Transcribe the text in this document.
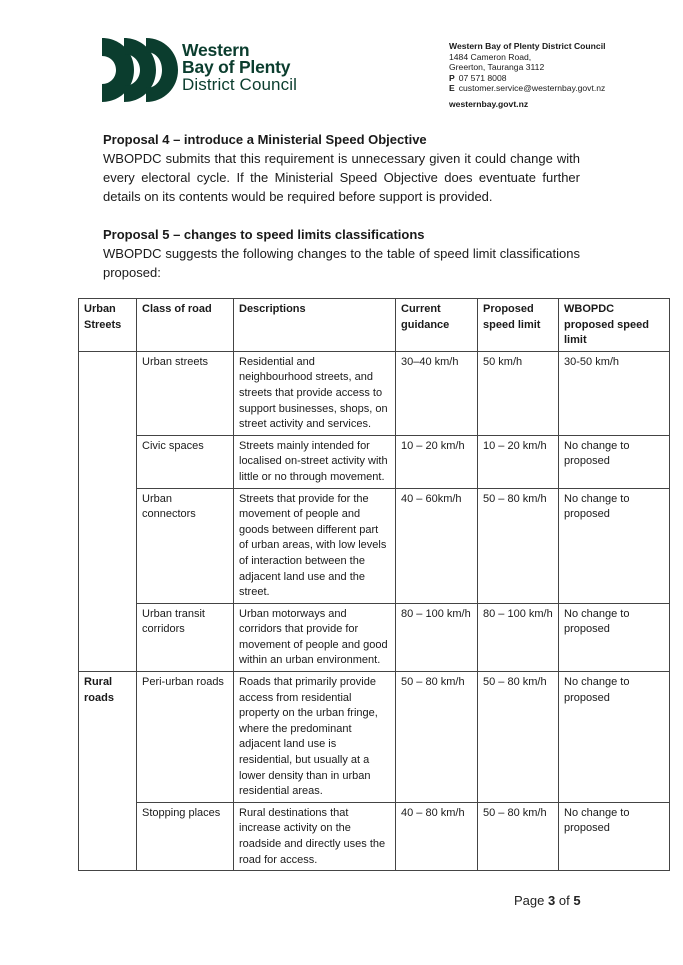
Western
Bay of Plenty
District Council
Western Bay of Plenty District Council
1484 Cameron Road,
Greerton, Tauranga 3112
P 07 571 8008
E customer.service@westernbay.govt.nz
westernbay.govt.nz

Proposal 4 – introduce a Ministerial Speed Objective

WBOPDC submits that this requirement is unnecessary given it could change with every electoral cycle. If the Ministerial Speed Objective does eventuate further details on its contents would be required before support is provided.

Proposal 5 – changes to speed limits classifications

WBOPDC suggests the following changes to the table of speed limit classifications proposed:

Urban Streets	Class of road	Descriptions	Current guidance	Proposed speed limit	WBOPDC proposed speed limit
	Urban streets	Residential and neighbourhood streets, and streets that provide access to support businesses, shops, on street activity and services.	30–40 km/h	50 km/h	30-50 km/h
	Civic spaces	Streets mainly intended for localised on-street activity with little or no through movement.	10 – 20 km/h	10 – 20 km/h	No change to proposed
	Urban connectors	Streets that provide for the movement of people and goods between different part of urban areas, with low levels of interaction between the adjacent land use and the street.	40 – 60km/h	50 – 80 km/h	No change to proposed
	Urban transit corridors	Urban motorways and corridors that provide for movement of people and good within an urban environment.	80 – 100 km/h	80 – 100 km/h	No change to proposed
Rural roads	Peri-urban roads	Roads that primarily provide access from residential property on the urban fringe, where the predominant adjacent land use is residential, but usually at a lower density than in urban residential areas.	50 – 80 km/h	50 – 80 km/h	No change to proposed
	Stopping places	Rural destinations that increase activity on the roadside and directly uses the road for access.	40 – 80 km/h	50 – 80 km/h	No change to proposed
Page 3 of 5
